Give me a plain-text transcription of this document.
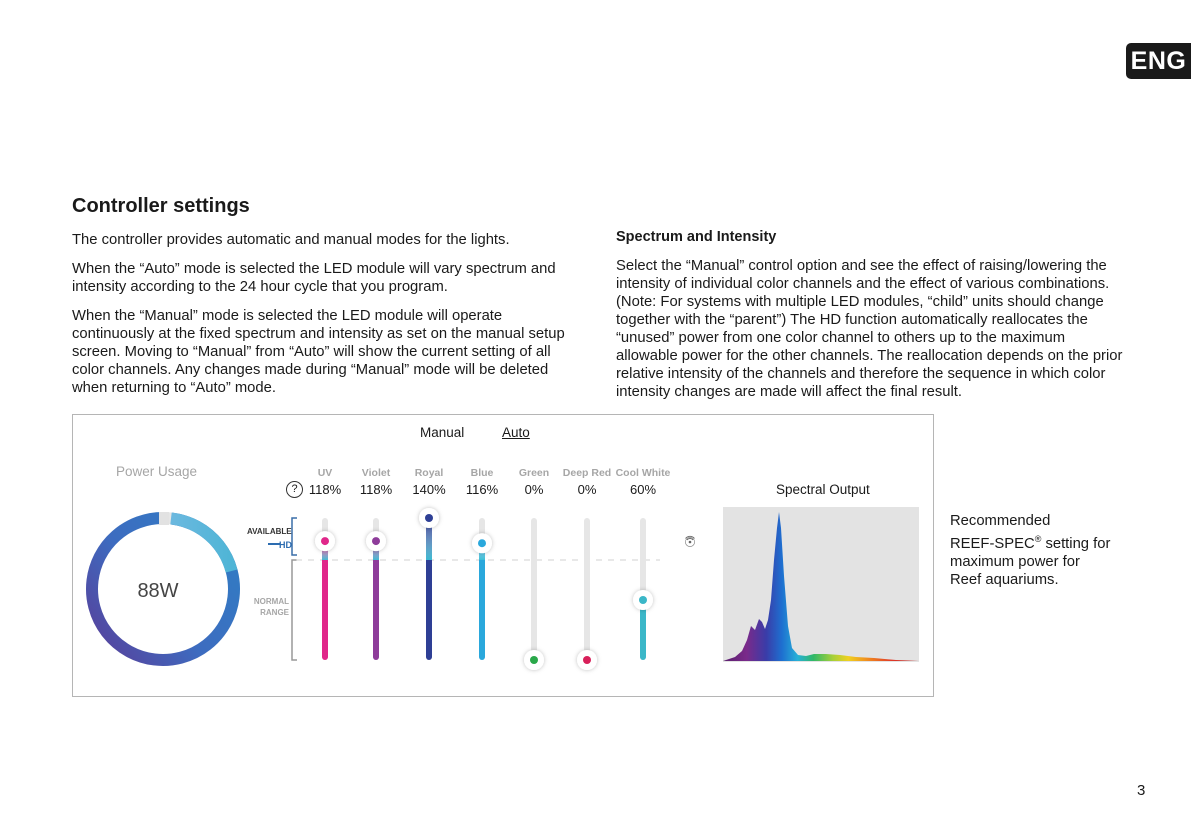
ENG
3
Controller settings

The controller provides automatic and manual modes for the lights.

When the “Auto” mode is selected the LED module will vary spectrum and intensity according to the 24 hour cycle that you program.

When the “Manual” mode is selected the LED module will operate continuously at the fixed spectrum and intensity as set on the manual setup screen. Moving to “Manual” from “Auto” will show the current setting of all color channels. Any changes made during “Manual” mode will be deleted when returning to “Auto” mode.

Spectrum and Intensity

Select the “Manual” control option and see the effect of raising/lowering the intensity of individual color channels and the effect of various combinations. (Note: For systems with multiple LED modules, “child” units should change together with the “parent”) The HD function automatically reallocates the “unused” power from one color channel to others up to the maximum allowable power for the other channels. The reallocation depends on the prior relative intensity of the channels and therefore the sequence in which color intensity changes are made will affect the final result.

Manual	Auto
Power Usage
88W
HD
?
UV
118%
Violet
118%
Royal
140%
Blue
116%
Green
0%
Deep Red
0%
Cool White
60%
AVAILABLE
NORMAL
RANGE
Spectral Output
Recommended
REEF-SPEC® setting for
maximum power for
Reef aquariums.
